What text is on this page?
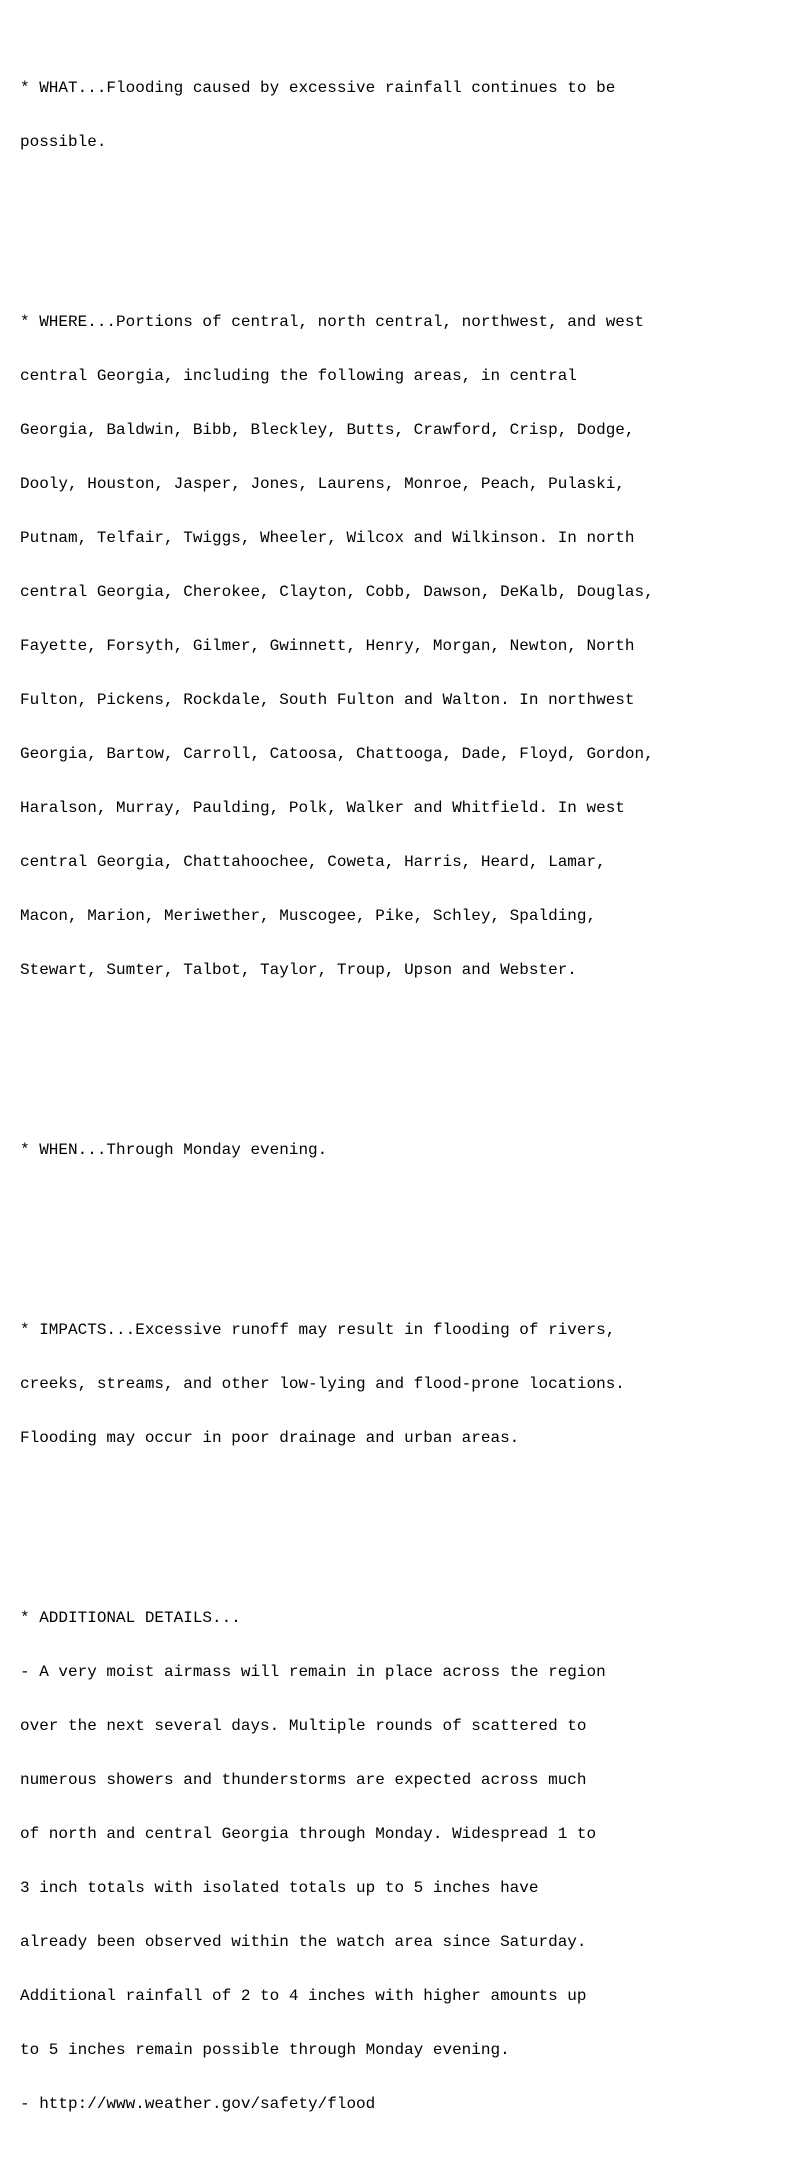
* WHAT...Flooding caused by excessive rainfall continues to be

possible.

* WHERE...Portions of central, north central, northwest, and west

central Georgia, including the following areas, in central

Georgia, Baldwin, Bibb, Bleckley, Butts, Crawford, Crisp, Dodge,

Dooly, Houston, Jasper, Jones, Laurens, Monroe, Peach, Pulaski,

Putnam, Telfair, Twiggs, Wheeler, Wilcox and Wilkinson. In north

central Georgia, Cherokee, Clayton, Cobb, Dawson, DeKalb, Douglas,

Fayette, Forsyth, Gilmer, Gwinnett, Henry, Morgan, Newton, North

Fulton, Pickens, Rockdale, South Fulton and Walton. In northwest

Georgia, Bartow, Carroll, Catoosa, Chattooga, Dade, Floyd, Gordon,

Haralson, Murray, Paulding, Polk, Walker and Whitfield. In west

central Georgia, Chattahoochee, Coweta, Harris, Heard, Lamar,

Macon, Marion, Meriwether, Muscogee, Pike, Schley, Spalding,

Stewart, Sumter, Talbot, Taylor, Troup, Upson and Webster.

* WHEN...Through Monday evening.

* IMPACTS...Excessive runoff may result in flooding of rivers,

creeks, streams, and other low-lying and flood-prone locations.

Flooding may occur in poor drainage and urban areas.

* ADDITIONAL DETAILS...

- A very moist airmass will remain in place across the region

over the next several days. Multiple rounds of scattered to

numerous showers and thunderstorms are expected across much

of north and central Georgia through Monday. Widespread 1 to

3 inch totals with isolated totals up to 5 inches have

already been observed within the watch area since Saturday.

Additional rainfall of 2 to 4 inches with higher amounts up

to 5 inches remain possible through Monday evening.

- http://www.weather.gov/safety/flood
